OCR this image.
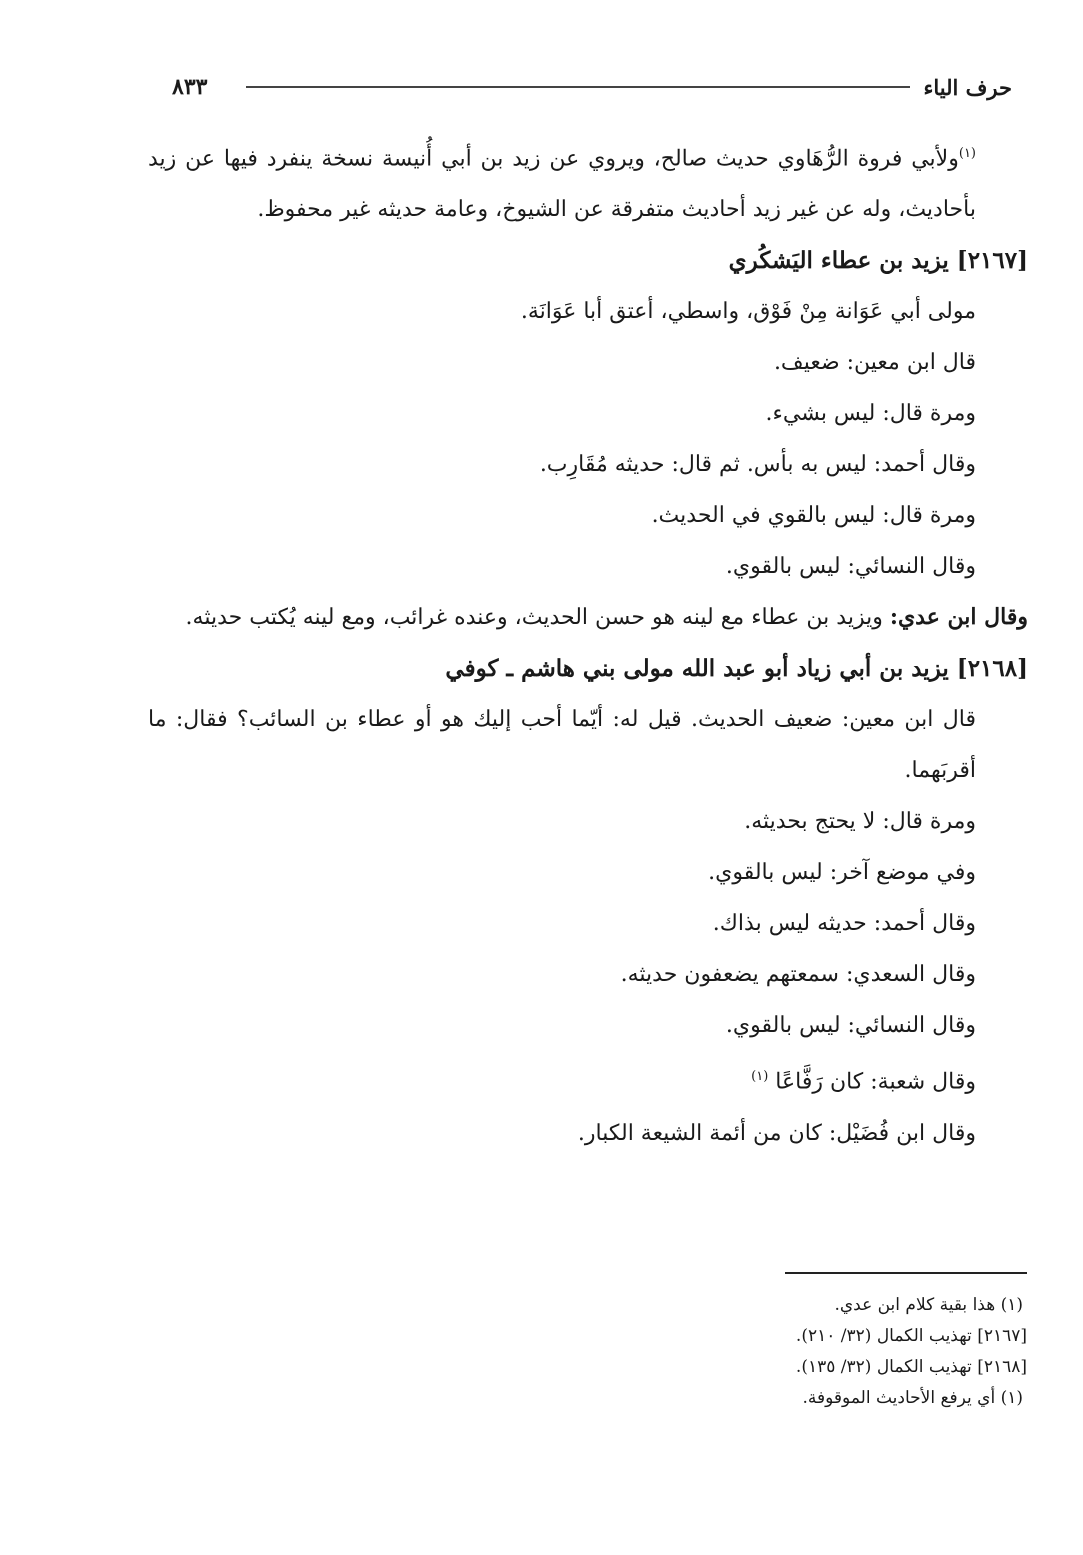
٨٣٣	حرف الياء

$^{(١)}$ولأبي فروة الرُّهَاوي حديث صالح، ويروي عن زيد بن أبي أُنيسة نسخة ينفرد فيها عن زيد بأحاديث، وله عن غير زيد أحاديث متفرقة عن الشيوخ، وعامة حديثه غير محفوظ.

[٢١٦٧] يزيد بن عطاء اليَشكُري

مولى أبي عَوَانة مِنْ فَوْق، واسطي، أعتق أبا عَوَانَة.

قال ابن معين: ضعيف.

ومرة قال: ليس بشيء.

وقال أحمد: ليس به بأس. ثم قال: حديثه مُقَارِب.

ومرة قال: ليس بالقوي في الحديث.

وقال النسائي: ليس بالقوي.

وقال ابن عدي: ويزيد بن عطاء مع لينه هو حسن الحديث، وعنده غرائب، ومع لينه يُكتب حديثه.

[٢١٦٨] يزيد بن أبي زياد أبو عبد الله مولى بني هاشم ـ كوفي

قال ابن معين: ضعيف الحديث. قيل له: أيّما أحب إليك هو أو عطاء بن السائب؟ فقال: ما أقربَهما.

ومرة قال: لا يحتج بحديثه.

وفي موضع آخر: ليس بالقوي.

وقال أحمد: حديثه ليس بذاك.

وقال السعدي: سمعتهم يضعفون حديثه.

وقال النسائي: ليس بالقوي.

وقال شعبة: كان رَفَّاعًا $^{(١)}$

وقال ابن فُضَيْل: كان من أئمة الشيعة الكبار.

(١) هذا بقية كلام ابن عدي.

[٢١٦٧] تهذيب الكمال (٣٢/ ٢١٠).

[٢١٦٨] تهذيب الكمال (٣٢/ ١٣٥).

(١) أي يرفع الأحاديث الموقوفة.
